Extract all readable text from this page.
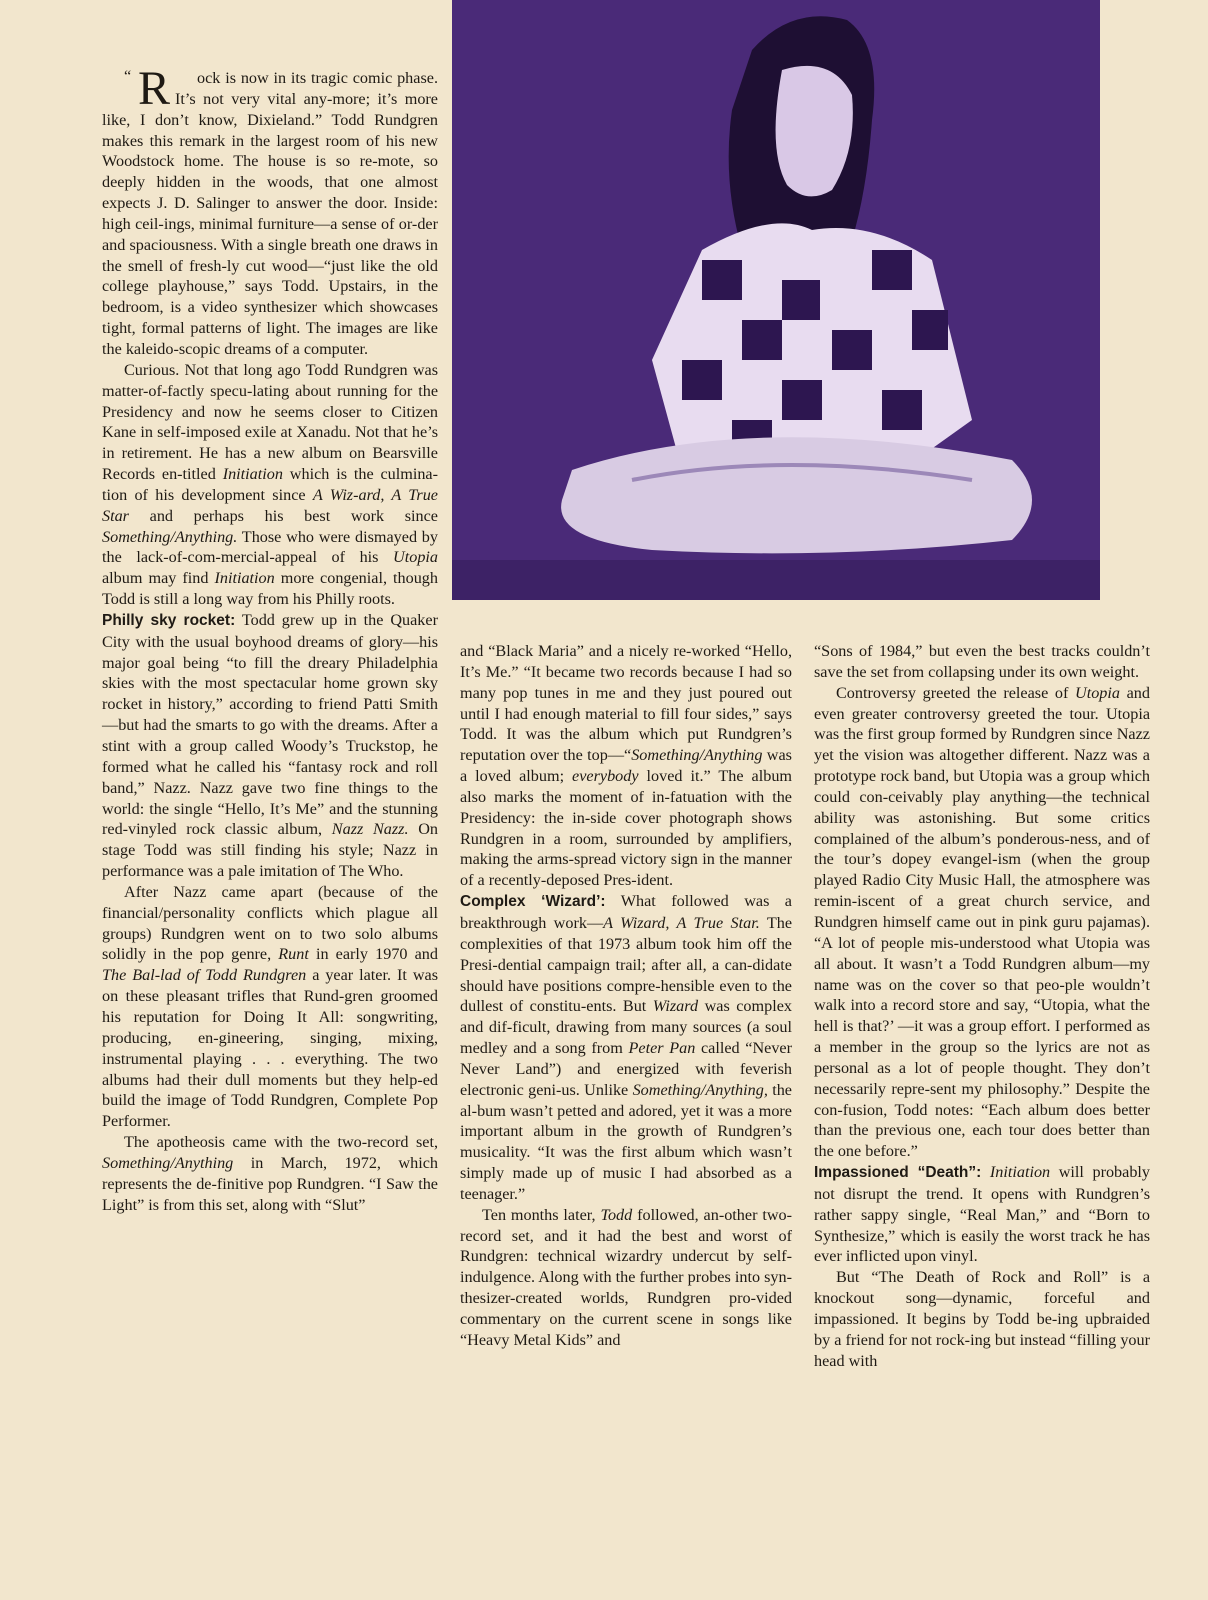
“ R ock is now in its tragic comic phase. It’s not very vital any-more; it’s more like, I don’t know, Dixieland.” Todd Rundgren makes this remark in the largest room of his new Woodstock home. The house is so re-mote, so deeply hidden in the woods, that one almost expects J. D. Salinger to answer the door. Inside: high ceil-ings, minimal furniture—a sense of or-der and spaciousness. With a single breath one draws in the smell of fresh-ly cut wood—“just like the old college playhouse,” says Todd. Upstairs, in the bedroom, is a video synthesizer which showcases tight, formal patterns of light. The images are like the kaleido-scopic dreams of a computer.

Curious. Not that long ago Todd Rundgren was matter-of-factly specu-lating about running for the Presidency and now he seems closer to Citizen Kane in self-imposed exile at Xanadu. Not that he’s in retirement. He has a new album on Bearsville Records en-titled Initiation which is the culmina-tion of his development since A Wiz-ard, A True Star and perhaps his best work since Something/Anything. Those who were dismayed by the lack-of-com-mercial-appeal of his Utopia album may find Initiation more congenial, though Todd is still a long way from his Philly roots.

Philly sky rocket: Todd grew up in the Quaker City with the usual boyhood dreams of glory—his major goal being “to fill the dreary Philadelphia skies with the most spectacular home grown sky rocket in history,” according to friend Patti Smith—but had the smarts to go with the dreams. After a stint with a group called Woody’s Truckstop, he formed what he called his “fantasy rock and roll band,” Nazz. Nazz gave two fine things to the world: the single “Hello, It’s Me” and the stunning red-vinyled rock classic album, Nazz Nazz. On stage Todd was still finding his style; Nazz in performance was a pale imitation of The Who.

After Nazz came apart (because of the financial/personality conflicts which plague all groups) Rundgren went on to two solo albums solidly in the pop genre, Runt in early 1970 and The Bal-lad of Todd Rundgren a year later. It was on these pleasant trifles that Rund-gren groomed his reputation for Doing It All: songwriting, producing, en-gineering, singing, mixing, instrumental playing . . . everything. The two albums had their dull moments but they help-ed build the image of Todd Rundgren, Complete Pop Performer.

The apotheosis came with the two-record set, Something/Anything in March, 1972, which represents the de-finitive pop Rundgren. “I Saw the Light” is from this set, along with “Slut”

and “Black Maria” and a nicely re-worked “Hello, It’s Me.” “It became two records because I had so many pop tunes in me and they just poured out until I had enough material to fill four sides,” says Todd. It was the album which put Rundgren’s reputation over the top—“Something/Anything was a loved album; everybody loved it.” The album also marks the moment of in-fatuation with the Presidency: the in-side cover photograph shows Rundgren in a room, surrounded by amplifiers, making the arms-spread victory sign in the manner of a recently-deposed Pres-ident.

Complex ‘Wizard’: What followed was a breakthrough work—A Wizard, A True Star. The complexities of that 1973 album took him off the Presi-dential campaign trail; after all, a can-didate should have positions compre-hensible even to the dullest of constitu-ents. But Wizard was complex and dif-ficult, drawing from many sources (a soul medley and a song from Peter Pan called “Never Never Land”) and energized with feverish electronic geni-us. Unlike Something/Anything, the al-bum wasn’t petted and adored, yet it was a more important album in the growth of Rundgren’s musicality. “It was the first album which wasn’t simply made up of music I had absorbed as a teenager.”

Ten months later, Todd followed, an-other two-record set, and it had the best and worst of Rundgren: technical wizardry undercut by self-indulgence. Along with the further probes into syn-thesizer-created worlds, Rundgren pro-vided commentary on the current scene in songs like “Heavy Metal Kids” and

“Sons of 1984,” but even the best tracks couldn’t save the set from collapsing under its own weight.

Controversy greeted the release of Utopia and even greater controversy greeted the tour. Utopia was the first group formed by Rundgren since Nazz yet the vision was altogether different. Nazz was a prototype rock band, but Utopia was a group which could con-ceivably play anything—the technical ability was astonishing. But some critics complained of the album’s ponderous-ness, and of the tour’s dopey evangel-ism (when the group played Radio City Music Hall, the atmosphere was remin-iscent of a great church service, and Rundgren himself came out in pink guru pajamas). “A lot of people mis-understood what Utopia was all about. It wasn’t a Todd Rundgren album—my name was on the cover so that peo-ple wouldn’t walk into a record store and say, “Utopia, what the hell is that?’ —it was a group effort. I performed as a member in the group so the lyrics are not as personal as a lot of people thought. They don’t necessarily repre-sent my philosophy.” Despite the con-fusion, Todd notes: “Each album does better than the previous one, each tour does better than the one before.”

Impassioned “Death”: Initiation will probably not disrupt the trend. It opens with Rundgren’s rather sappy single, “Real Man,” and “Born to Synthesize,” which is easily the worst track he has ever inflicted upon vinyl.

But “The Death of Rock and Roll” is a knockout song—dynamic, forceful and impassioned. It begins by Todd be-ing upbraided by a friend for not rock-ing but instead “filling your head with
